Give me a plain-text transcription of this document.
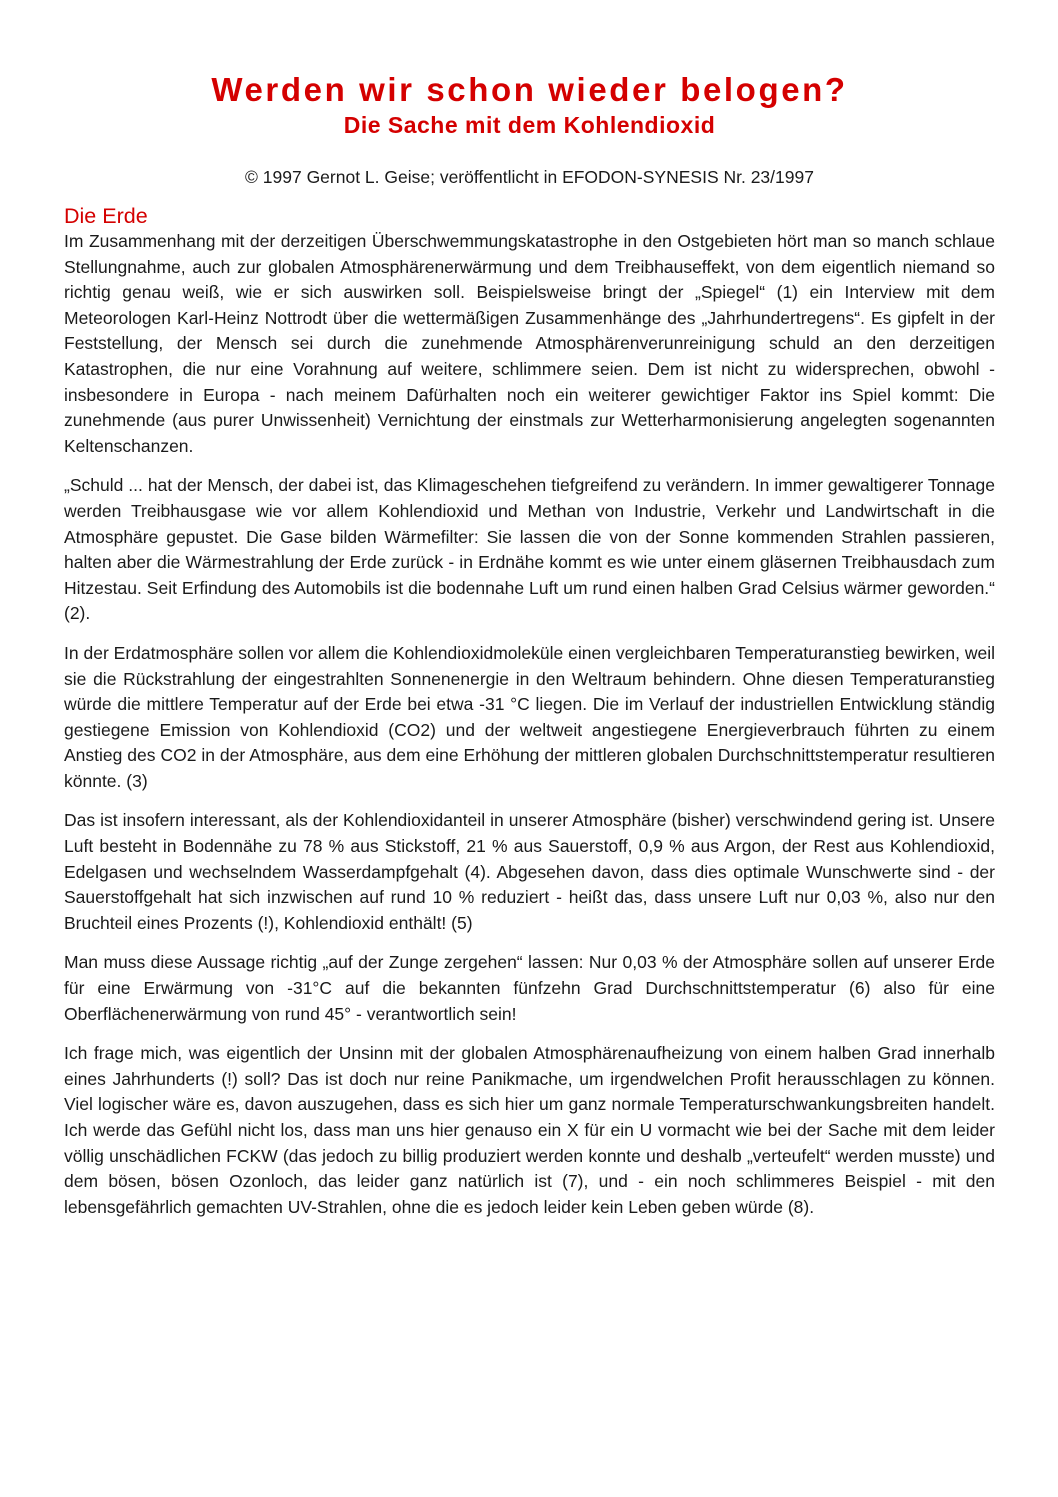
Werden wir schon wieder belogen?
Die Sache mit dem Kohlendioxid

© 1997 Gernot L. Geise; veröffentlicht in EFODON-SYNESIS Nr. 23/1997

Die Erde

Im Zusammenhang mit der derzeitigen Überschwemmungskatastrophe in den Ostgebieten hört man so manch schlaue Stellungnahme, auch zur globalen Atmosphärenerwärmung und dem Treibhauseffekt, von dem eigentlich niemand so richtig genau weiß, wie er sich auswirken soll. Beispielsweise bringt der „Spiegel“ (1) ein Interview mit dem Meteorologen Karl-Heinz Nottrodt über die wettermäßigen Zusammenhänge des „Jahrhundertregens“. Es gipfelt in der Feststellung, der Mensch sei durch die zunehmende Atmosphärenverunreinigung schuld an den derzeitigen Katastrophen, die nur eine Vorahnung auf weitere, schlimmere seien. Dem ist nicht zu widersprechen, obwohl - insbesondere in Europa - nach meinem Dafürhalten noch ein weiterer gewichtiger Faktor ins Spiel kommt: Die zunehmende (aus purer Unwissenheit) Vernichtung der einstmals zur Wetterharmonisierung angelegten sogenannten Keltenschanzen.

„Schuld ... hat der Mensch, der dabei ist, das Klimageschehen tiefgreifend zu verändern. In immer gewaltigerer Tonnage werden Treibhausgase wie vor allem Kohlendioxid und Methan von Industrie, Verkehr und Landwirtschaft in die Atmosphäre gepustet. Die Gase bilden Wärmefilter: Sie lassen die von der Sonne kommenden Strahlen passieren, halten aber die Wärmestrahlung der Erde zurück - in Erdnähe kommt es wie unter einem gläsernen Treibhausdach zum Hitzestau. Seit Erfindung des Automobils ist die bodennahe Luft um rund einen halben Grad Celsius wärmer geworden.“ (2).

In der Erdatmosphäre sollen vor allem die Kohlendioxidmoleküle einen vergleichbaren Temperaturanstieg bewirken, weil sie die Rückstrahlung der eingestrahlten Sonnenenergie in den Weltraum behindern. Ohne diesen Temperaturanstieg würde die mittlere Temperatur auf der Erde bei etwa -31 °C liegen. Die im Verlauf der industriellen Entwicklung ständig gestiegene Emission von Kohlendioxid (CO2) und der weltweit angestiegene Energieverbrauch führten zu einem Anstieg des CO2 in der Atmosphäre, aus dem eine Erhöhung der mittleren globalen Durchschnittstemperatur resultieren könnte. (3)

Das ist insofern interessant, als der Kohlendioxidanteil in unserer Atmosphäre (bisher) verschwindend gering ist. Unsere Luft besteht in Bodennähe zu 78 % aus Stickstoff, 21 % aus Sauerstoff, 0,9 % aus Argon, der Rest aus Kohlendioxid, Edelgasen und wechselndem Wasserdampfgehalt (4). Abgesehen davon, dass dies optimale Wunschwerte sind - der Sauerstoffgehalt hat sich inzwischen auf rund 10 % reduziert - heißt das, dass unsere Luft nur 0,03 %, also nur den Bruchteil eines Prozents (!), Kohlendioxid enthält! (5)

Man muss diese Aussage richtig „auf der Zunge zergehen“ lassen: Nur 0,03 % der Atmosphäre sollen auf unserer Erde für eine Erwärmung von -31°C auf die bekannten fünfzehn Grad Durchschnittstemperatur (6) also für eine Oberflächenerwärmung von rund 45° - verantwortlich sein!

Ich frage mich, was eigentlich der Unsinn mit der globalen Atmosphärenaufheizung von einem halben Grad innerhalb eines Jahrhunderts (!) soll? Das ist doch nur reine Panikmache, um irgendwelchen Profit herausschlagen zu können. Viel logischer wäre es, davon auszugehen, dass es sich hier um ganz normale Temperaturschwankungsbreiten handelt. Ich werde das Gefühl nicht los, dass man uns hier genauso ein X für ein U vormacht wie bei der Sache mit dem leider völlig unschädlichen FCKW (das jedoch zu billig produziert werden konnte und deshalb „verteufelt“ werden musste) und dem bösen, bösen Ozonloch, das leider ganz natürlich ist (7), und - ein noch schlimmeres Beispiel - mit den lebensgefährlich gemachten UV-Strahlen, ohne die es jedoch leider kein Leben geben würde (8).
